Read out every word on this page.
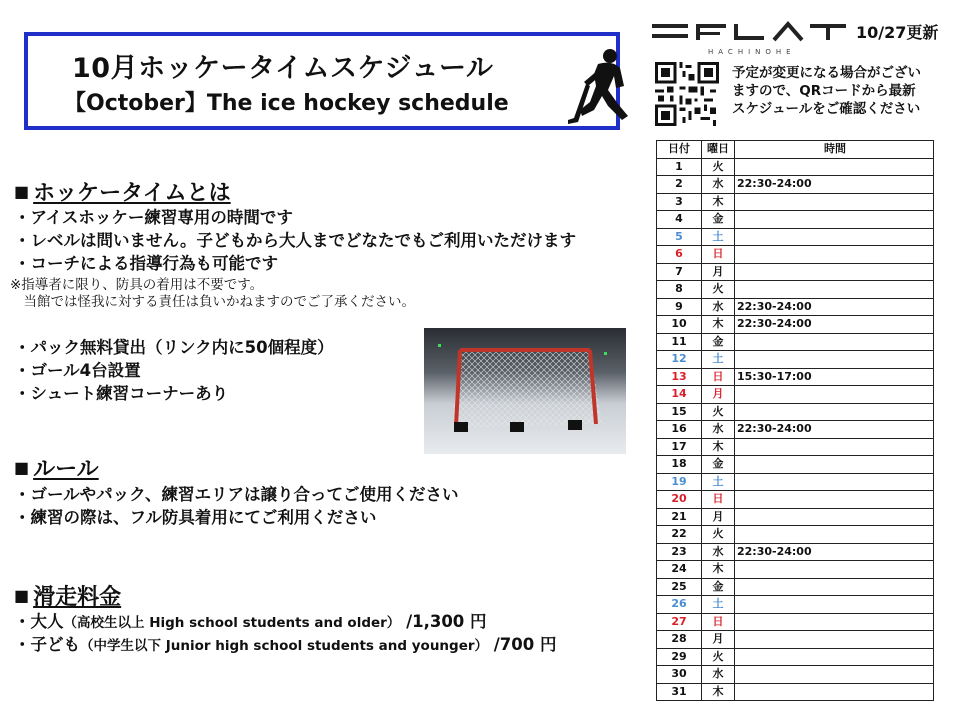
10月ホッケータイムスケジュール
【October】The ice hockey schedule
HACHINOHE
10/27更新
予定が変更になる場合がござい
ますので、QRコードから最新
スケジュールをご確認ください
■ ホッケータイムとは
・アイスホッケー練習専用の時間です
・レベルは問いません。子どもから大人までどなたでもご利用いただけます
・コーチによる指導行為も可能です
※指導者に限り、防具の着用は不要です。
　当館では怪我に対する責任は負いかねますのでご了承ください。
・パック無料貸出（リンク内に50個程度）
・ゴール4台設置
・シュート練習コーナーあり
■ ルール
・ゴールやパック、練習エリアは譲り合ってご使用ください
・練習の際は、フル防具着用にてご利用ください
■ 滑走料金
・大人（高校生以上 High school students and older） /1,300 円
・子ども（中学生以下 Junior high school students and younger） /700 円
日付	曜日	時間
1	火	
2	水	22:30-24:00
3	木	
4	金	
5	土	
6	日	
7	月	
8	火	
9	水	22:30-24:00
10	木	22:30-24:00
11	金	
12	土	
13	日	15:30-17:00
14	月	
15	火	
16	水	22:30-24:00
17	木	
18	金	
19	土	
20	日	
21	月	
22	火	
23	水	22:30-24:00
24	木	
25	金	
26	土	
27	日	
28	月	
29	火	
30	水	
31	木	
